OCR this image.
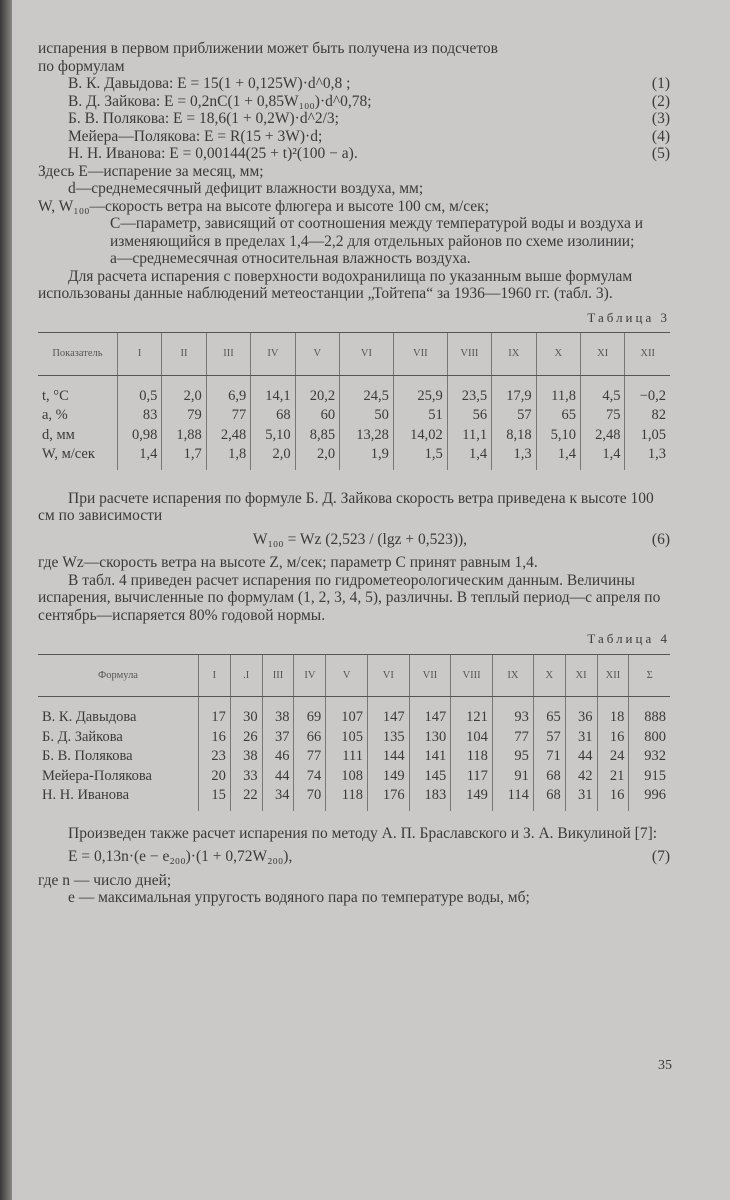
испарения в первом приближении может быть получена из подсчетов

по формулам

В. К. Давыдова: E = 15(1 + 0,125W)·d^0,8 ;	(1)
В. Д. Зайкова: E = 0,2nC(1 + 0,85W₁₀₀)·d^0,78;	(2)
Б. В. Полякова: E = 18,6(1 + 0,2W)·d^2/3;	(3)
Мейера—Полякова: E = R(15 + 3W)·d;	(4)
Н. Н. Иванова: E = 0,00144(25 + t)²(100 − a).	(5)

Здесь E—испарение за месяц, мм;

d—среднемесячный дефицит влажности воздуха, мм;

W, W₁₀₀—скорость ветра на высоте флюгера и высоте 100 см, м/сек;

C—параметр, зависящий от соотношения между температурой воды и воздуха и изменяющийся в пределах 1,4—2,2 для отдельных районов по схеме изолинии;

a—среднемесячная относительная влажность воздуха.

Для расчета испарения с поверхности водохранилища по указанным выше формулам использованы данные наблюдений метеостанции „Тойтепа“ за 1936—1960 гг. (табл. 3).

Таблица 3
Показатель	I	II	III	IV	V	VI	VII	VIII	IX	X	XI	XII
t, °C	0,5	2,0	6,9	14,1	20,2	24,5	25,9	23,5	17,9	11,8	4,5	−0,2
a, %	83	79	77	68	60	50	51	56	57	65	75	82
d, мм	0,98	1,88	2,48	5,10	8,85	13,28	14,02	11,1	8,18	5,10	2,48	1,05
W, м/сек	1,4	1,7	1,8	2,0	2,0	1,9	1,5	1,4	1,3	1,4	1,4	1,3

При расчете испарения по формуле Б. Д. Зайкова скорость ветра приведена к высоте 100 см по зависимости

W₁₀₀ = Wz (2,523 / (lgz + 0,523)),	(6)

где Wz—скорость ветра на высоте Z, м/сек; параметр C принят равным 1,4.

В табл. 4 приведен расчет испарения по гидрометеорологическим данным. Величины испарения, вычисленные по формулам (1, 2, 3, 4, 5), различны. В теплый период—с апреля по сентябрь—испаряется 80% годовой нормы.

Таблица 4
Формула	I	.I	III	IV	V	VI	VII	VIII	IX	X	XI	XII	Σ
В. К. Давыдова	17	30	38	69	107	147	147	121	93	65	36	18	888
Б. Д. Зайкова	16	26	37	66	105	135	130	104	77	57	31	16	800
Б. В. Полякова	23	38	46	77	111	144	141	118	95	71	44	24	932
Мейера-Полякова	20	33	44	74	108	149	145	117	91	68	42	21	915
Н. Н. Иванова	15	22	34	70	118	176	183	149	114	68	31	16	996

Произведен также расчет испарения по методу А. П. Браславского и З. А. Викулиной [7]:

E = 0,13n·(e − e₂₀₀)·(1 + 0,72W₂₀₀),	(7)

где n — число дней;

e — максимальная упругость водяного пара по температуре воды, мб;

35
